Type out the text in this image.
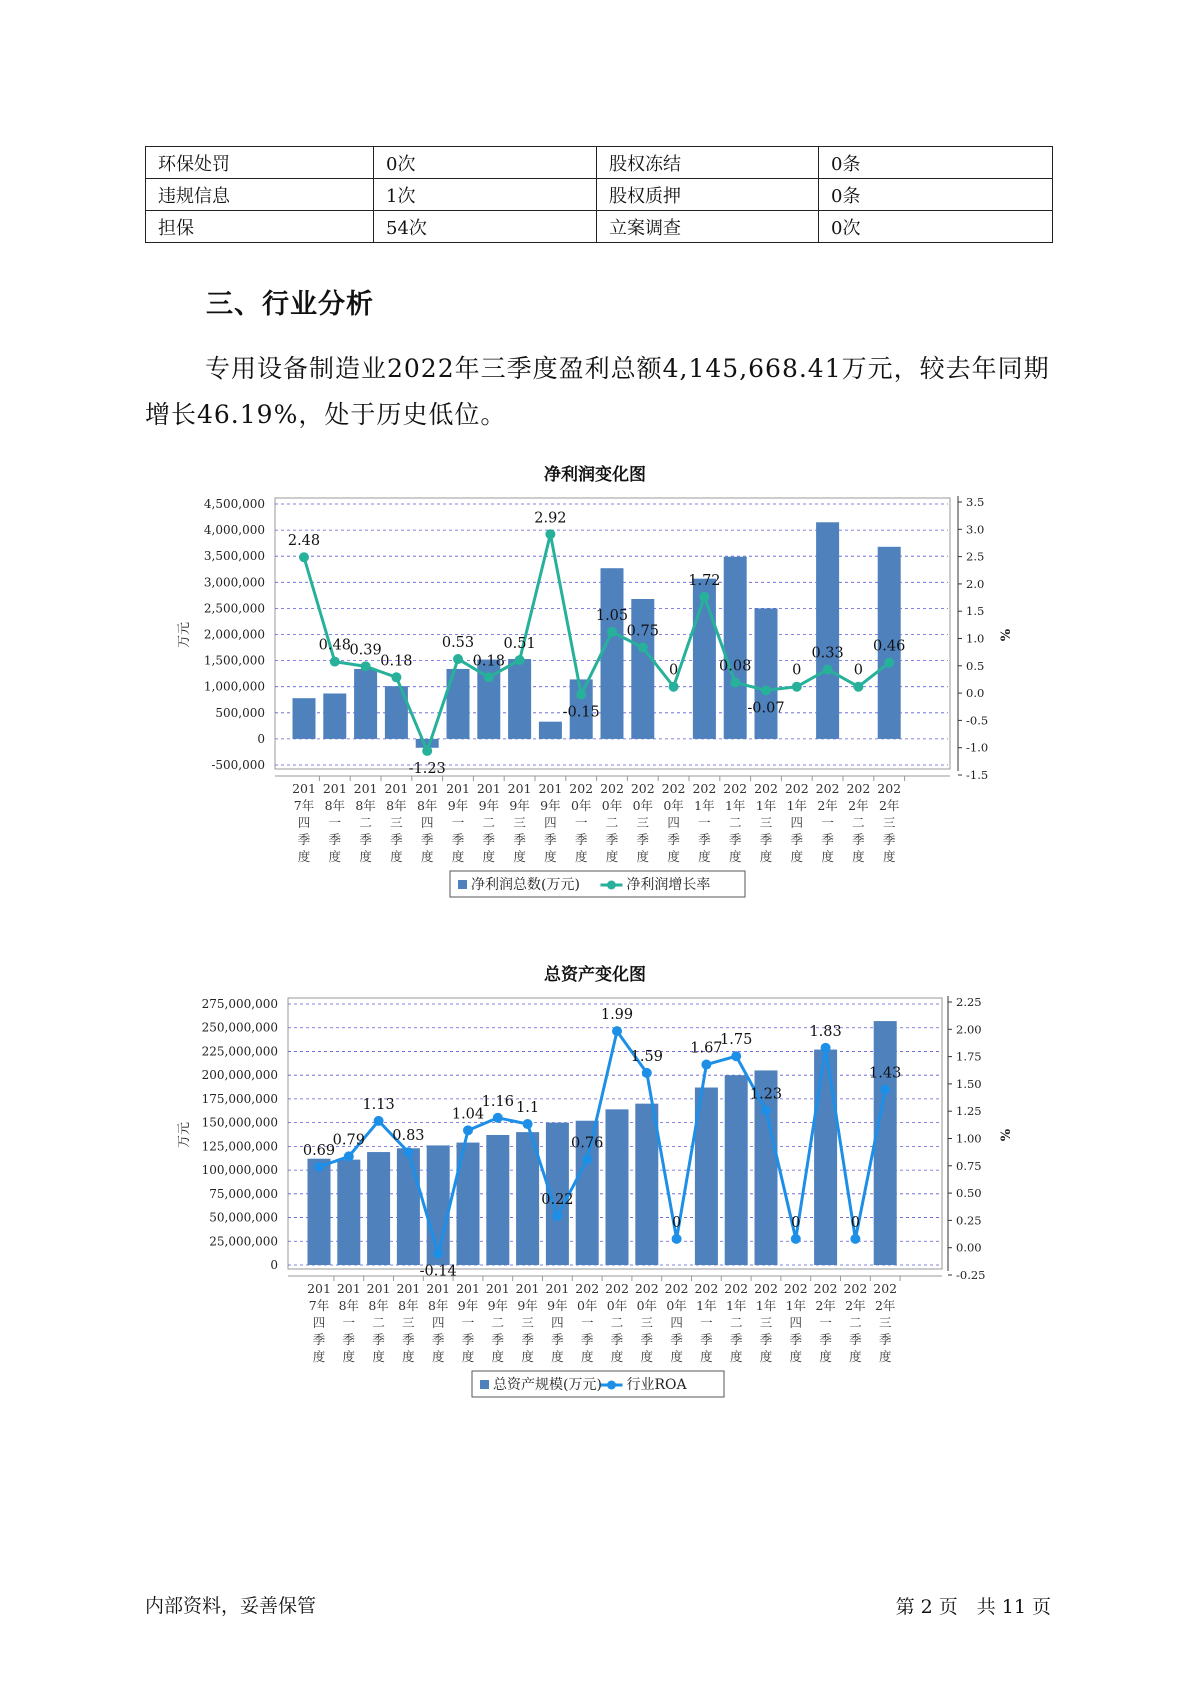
环保处罚	0次	股权冻结	0条
违规信息	1次	股权质押	0条
担保	54次	立案调查	0次
三、行业分析

专用设备制造业2022年三季度盈利总额4,145,668.41万元，较去年同期增长46.19%，处于历史低位。

净利润变化图
4,500,000
4,000,000
3,500,000
3,000,000
2,500,000
2,000,000
1,500,000
1,000,000
500,000
0
-500,000
3.5
3.0
2.5
2.0
1.5
1.0
0.5
0.0
-0.5
-1.0
-1.5
万元	%
201
7年
四
季
度
201
8年
一
季
度
201
8年
二
季
度
201
8年
三
季
度
201
8年
四
季
度
201
9年
一
季
度
201
9年
二
季
度
201
9年
三
季
度
201
9年
四
季
度
202
0年
一
季
度
202
0年
二
季
度
202
0年
三
季
度
202
0年
四
季
度
202
1年
一
季
度
202
1年
二
季
度
202
1年
三
季
度
202
1年
四
季
度
202
2年
一
季
度
202
2年
二
季
度
202
2年
三
季
度
2.48
0.48
0.39
0.18
-1.23
0.53
0.18
0.51
2.92
-0.15
1.05
0.75
0
1.72
0.08
-0.07
0
0.33
0
0.46
净利润总数(万元)	净利润增长率
总资产变化图
275,000,000
250,000,000
225,000,000
200,000,000
175,000,000
150,000,000
125,000,000
100,000,000
75,000,000
50,000,000
25,000,000
0
2.25
2.00
1.75
1.50
1.25
1.00
0.75
0.50
0.25
0.00
-0.25
万元	%
201
7年
四
季
度
201
8年
一
季
度
201
8年
二
季
度
201
8年
三
季
度
201
8年
四
季
度
201
9年
一
季
度
201
9年
二
季
度
201
9年
三
季
度
201
9年
四
季
度
202
0年
一
季
度
202
0年
二
季
度
202
0年
三
季
度
202
0年
四
季
度
202
1年
一
季
度
202
1年
二
季
度
202
1年
三
季
度
202
1年
四
季
度
202
2年
一
季
度
202
2年
二
季
度
202
2年
三
季
度
0.69
0.79
1.13
0.83
-0.14
1.04
1.16 1.1
0.22
0.76
1.99
1.59
0
1.67
1.75
1.23
0
1.83
0
1.43
总资产规模(万元) 行业ROA
内部资料，妥善保管	第 2 页　共 11 页
